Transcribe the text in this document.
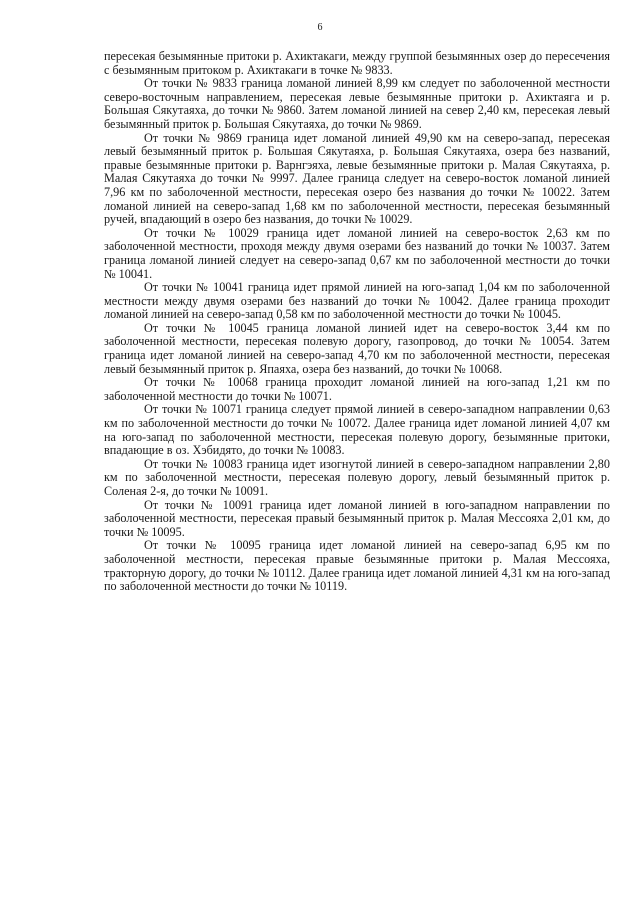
6

пересекая безымянные притоки р. Ахиктакаги, между группой безымянных озер до пересечения с безымянным притоком р. Ахиктакаги в точке № 9833.

От точки № 9833 граница ломаной линией 8,99 км следует по заболоченной местности северо-восточным направлением, пересекая левые безымянные притоки р. Ахиктаяга и р. Большая Сякутаяха, до точки № 9860. Затем ломаной линией на север 2,40 км, пересекая левый безымянный приток р. Большая Сякутаяха, до точки № 9869.

От точки № 9869 граница идет ломаной линией 49,90 км на северо-запад, пересекая левый безымянный приток р. Большая Сякутаяха, р. Большая Сякутаяха, озера без названий, правые безымянные притоки р. Варнгэяха, левые безымянные притоки р. Малая Сякутаяха, р. Малая Сякутаяха до точки № 9997. Далее граница следует на северо-восток ломаной линией 7,96 км по заболоченной местности, пересекая озеро без названия до точки № 10022. Затем ломаной линией на северо-запад 1,68 км по заболоченной местности, пересекая безымянный ручей, впадающий в озеро без названия, до точки № 10029.

От точки № 10029 граница идет ломаной линией на северо-восток 2,63 км по заболоченной местности, проходя между двумя озерами без названий до точки № 10037. Затем граница ломаной линией следует на северо-запад 0,67 км по заболоченной местности до точки № 10041.

От точки № 10041 граница идет прямой линией на юго-запад 1,04 км по заболоченной местности между двумя озерами без названий до точки № 10042. Далее граница проходит ломаной линией на северо-запад 0,58 км по заболоченной местности до точки № 10045.

От точки № 10045 граница ломаной линией идет на северо-восток 3,44 км по заболоченной местности, пересекая полевую дорогу, газопровод, до точки № 10054. Затем граница идет ломаной линией на северо-запад 4,70 км по заболоченной местности, пересекая левый безымянный приток р. Япаяха, озера без названий, до точки № 10068.

От точки № 10068 граница проходит ломаной линией на юго-запад 1,21 км по заболоченной местности до точки № 10071.

От точки № 10071 граница следует прямой линией в северо-западном направлении 0,63 км по заболоченной местности до точки № 10072. Далее граница идет ломаной линией 4,07 км на юго-запад по заболоченной местности, пересекая полевую дорогу, безымянные притоки, впадающие в оз. Хэбидято, до точки № 10083.

От точки № 10083 граница идет изогнутой линией в северо-западном направлении 2,80 км по заболоченной местности, пересекая полевую дорогу, левый безымянный приток р. Соленая 2-я, до точки № 10091.

От точки № 10091 граница идет ломаной линией в юго-западном направлении по заболоченной местности, пересекая правый безымянный приток р. Малая Мессояха 2,01 км, до точки № 10095.

От точки № 10095 граница идет ломаной линией на северо-запад 6,95 км по заболоченной местности, пересекая правые безымянные притоки р. Малая Мессояха, тракторную дорогу, до точки № 10112. Далее граница идет ломаной линией 4,31 км на юго-запад по заболоченной местности до точки № 10119.
